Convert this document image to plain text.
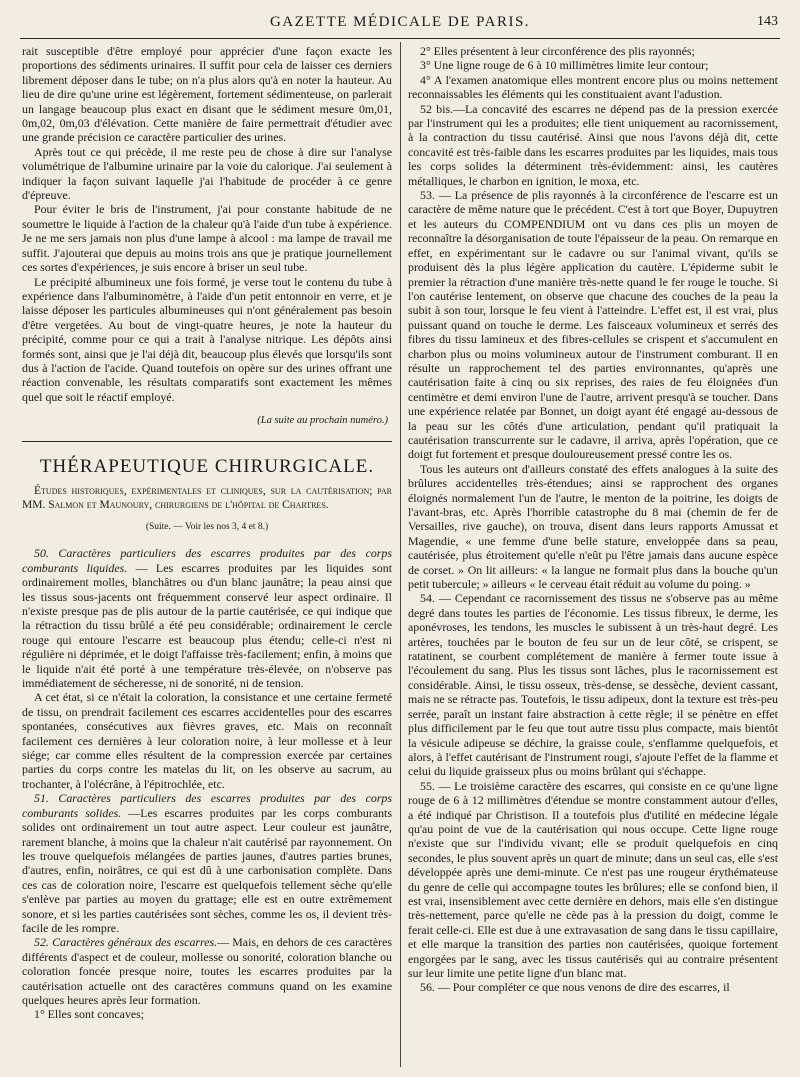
GAZETTE MÉDICALE DE PARIS.	143

rait susceptible d'être employé pour apprécier d'une façon exacte les proportions des sédiments urinaires. Il suffit pour cela de laisser ces derniers librement déposer dans le tube; on n'a plus alors qu'à en noter la hauteur. Au lieu de dire qu'une urine est légèrement, fortement sédimenteuse, on parlerait un langage beaucoup plus exact en disant que le sédiment mesure 0m,01, 0m,02, 0m,03 d'élévation. Cette manière de faire permettrait d'étudier avec une grande précision ce caractère particulier des urines.

Après tout ce qui précède, il me reste peu de chose à dire sur l'analyse volumétrique de l'albumine urinaire par la voie du calorique. J'ai seulement à indiquer la façon suivant laquelle j'ai l'habitude de procéder à ce genre d'épreuve.

Pour éviter le bris de l'instrument, j'ai pour constante habitude de ne soumettre le liquide à l'action de la chaleur qu'à l'aide d'un tube à expérience. Je ne me sers jamais non plus d'une lampe à alcool : ma lampe de travail me suffit. J'ajouterai que depuis au moins trois ans que je pratique journellement ces sortes d'expériences, je suis encore à briser un seul tube.

Le précipité albumineux une fois formé, je verse tout le contenu du tube à expérience dans l'albuminomètre, à l'aide d'un petit entonnoir en verre, et je laisse déposer les particules albumineuses qui n'ont généralement pas besoin d'être vergetées. Au bout de vingt-quatre heures, je note la hauteur du précipité, comme pour ce qui a trait à l'analyse nitrique. Les dépôts ainsi formés sont, ainsi que je l'ai déjà dit, beaucoup plus élevés que lorsqu'ils sont dus à l'action de l'acide. Quand toutefois on opère sur des urines offrant une réaction convenable, les résultats comparatifs sont exactement les mêmes quel que soit le réactif employé.

(La suite au prochain numéro.)
THÉRAPEUTIQUE CHIRURGICALE.

Études historiques, expérimentales et cliniques, sur la cautérisation; par MM. Salmon et Maunoury, chirurgiens de l'hôpital de Chartres.

(Suite. — Voir les nos 3, 4 et 8.)

50. Caractères particuliers des escarres produites par des corps comburants liquides. — Les escarres produites par les liquides sont ordinairement molles, blanchâtres ou d'un blanc jaunâtre; la peau ainsi que les tissus sous-jacents ont fréquemment conservé leur aspect ordinaire. Il n'existe presque pas de plis autour de la partie cautérisée, ce qui indique que la rétraction du tissu brûlé a été peu considérable; ordinairement le cercle rouge qui entoure l'escarre est beaucoup plus étendu; celle-ci n'est ni régulière ni déprimée, et le doigt l'affaisse très-facilement; enfin, à moins que le liquide n'ait été porté à une température très-élevée, on n'observe pas immédiatement de sécheresse, ni de sonorité, ni de tension.

A cet état, si ce n'était la coloration, la consistance et une certaine fermeté de tissu, on prendrait facilement ces escarres accidentelles pour des escarres spontanées, consécutives aux fièvres graves, etc. Mais on reconnaît facilement ces dernières à leur coloration noire, à leur mollesse et à leur siége; car comme elles résultent de la compression exercée par certaines parties du corps contre les matelas du lit, on les observe au sacrum, au trochanter, à l'olécrâne, à l'épitrochlée, etc.

51. Caractères particuliers des escarres produites par des corps comburants solides. —Les escarres produites par les corps comburants solides ont ordinairement un tout autre aspect. Leur couleur est jaunâtre, rarement blanche, à moins que la chaleur n'ait cautérisé par rayonnement. On les trouve quelquefois mélangées de parties jaunes, d'autres parties brunes, d'autres, enfin, noirâtres, ce qui est dû à une carbonisation complète. Dans ces cas de coloration noire, l'escarre est quelquefois tellement sèche qu'elle s'enlève par parties au moyen du grattage; elle est en outre extrêmement sonore, et si les parties cautérisées sont sèches, comme les os, il devient très-facile de les rompre.

52. Caractères généraux des escarres.— Mais, en dehors de ces caractères différents d'aspect et de couleur, mollesse ou sonorité, coloration blanche ou coloration foncée presque noire, toutes les escarres produites par la cautérisation actuelle ont des caractères communs quand on les examine quelques heures après leur formation.

1° Elles sont concaves;

2° Elles présentent à leur circonférence des plis rayonnés;

3° Une ligne rouge de 6 à 10 millimètres limite leur contour;

4° A l'examen anatomique elles montrent encore plus ou moins nettement reconnaissables les éléments qui les constituaient avant l'adustion.

52 bis.—La concavité des escarres ne dépend pas de la pression exercée par l'instrument qui les a produites; elle tient uniquement au racornissement, à la contraction du tissu cautérisé. Ainsi que nous l'avons déjà dit, cette concavité est très-faible dans les escarres produites par les liquides, mais tous les corps solides la déterminent très-évidemment: ainsi, les cautères métalliques, le charbon en ignition, le moxa, etc.

53. — La présence de plis rayonnés à la circonférence de l'escarre est un caractère de même nature que le précédent. C'est à tort que Boyer, Dupuytren et les auteurs du COMPENDIUM ont vu dans ces plis un moyen de reconnaître la désorganisation de toute l'épaisseur de la peau. On remarque en effet, en expérimentant sur le cadavre ou sur l'animal vivant, qu'ils se produisent dès la plus légère application du cautère. L'épiderme subit le premier la rétraction d'une manière très-nette quand le fer rouge le touche. Si l'on cautérise lentement, on observe que chacune des couches de la peau la subit à son tour, lorsque le feu vient à l'atteindre. L'effet est, il est vrai, plus puissant quand on touche le derme. Les faisceaux volumineux et serrés des fibres du tissu lamineux et des fibres-cellules se crispent et s'accumulent en charbon plus ou moins volumineux autour de l'instrument comburant. Il en résulte un rapprochement tel des parties environnantes, qu'après une cautérisation faite à cinq ou six reprises, des raies de feu éloignées d'un centimètre et demi environ l'une de l'autre, arrivent presqu'à se toucher. Dans une expérience relatée par Bonnet, un doigt ayant été engagé au-dessous de la peau sur les côtés d'une articulation, pendant qu'il pratiquait la cautérisation transcurrente sur le cadavre, il arriva, après l'opération, que ce doigt fut fortement et presque douloureusement pressé contre les os.

Tous les auteurs ont d'ailleurs constaté des effets analogues à la suite des brûlures accidentelles très-étendues; ainsi se rapprochent des organes éloignés normalement l'un de l'autre, le menton de la poitrine, les doigts de l'avant-bras, etc. Après l'horrible catastrophe du 8 mai (chemin de fer de Versailles, rive gauche), on trouva, disent dans leurs rapports Amussat et Magendie, « une femme d'une belle stature, enveloppée dans sa peau, cautérisée, plus étroitement qu'elle n'eût pu l'être jamais dans aucune espèce de corset. » On lit ailleurs: « la langue ne formait plus dans la bouche qu'un petit tubercule; » ailleurs « le cerveau était réduit au volume du poing. »

54. — Cependant ce racornissement des tissus ne s'observe pas au même degré dans toutes les parties de l'économie. Les tissus fibreux, le derme, les aponévroses, les tendons, les muscles le subissent à un très-haut degré. Les artères, touchées par le bouton de feu sur un de leur côté, se crispent, se ratatinent, se courbent complétement de manière à fermer toute issue à l'écoulement du sang. Plus les tissus sont lâches, plus le racornissement est considérable. Ainsi, le tissu osseux, très-dense, se dessèche, devient cassant, mais ne se rétracte pas. Toutefois, le tissu adipeux, dont la texture est très-peu serrée, paraît un instant faire abstraction à cette règle; il se pénètre en effet plus difficilement par le feu que tout autre tissu plus compacte, mais bientôt la vésicule adipeuse se déchire, la graisse coule, s'enflamme quelquefois, et alors, à l'effet cautérisant de l'instrument rougi, s'ajoute l'effet de la flamme et celui du liquide graisseux plus ou moins brûlant qui s'échappe.

55. — Le troisième caractère des escarres, qui consiste en ce qu'une ligne rouge de 6 à 12 millimètres d'étendue se montre constamment autour d'elles, a été indiqué par Christison. Il a toutefois plus d'utilité en médecine légale qu'au point de vue de la cautérisation qui nous occupe. Cette ligne rouge n'existe que sur l'individu vivant; elle se produit quelquefois en cinq secondes, le plus souvent après un quart de minute; dans un seul cas, elle s'est développée après une demi-minute. Ce n'est pas une rougeur érythémateuse du genre de celle qui accompagne toutes les brûlures; elle se confond bien, il est vrai, insensiblement avec cette dernière en dehors, mais elle s'en distingue très-nettement, parce qu'elle ne cède pas à la pression du doigt, comme le ferait celle-ci. Elle est due à une extravasation de sang dans le tissu capillaire, et elle marque la transition des parties non cautérisées, quoique fortement engorgées par le sang, avec les tissus cautérisés qui au contraire présentent sur leur limite une petite ligne d'un blanc mat.

56. — Pour compléter ce que nous venons de dire des escarres, il
